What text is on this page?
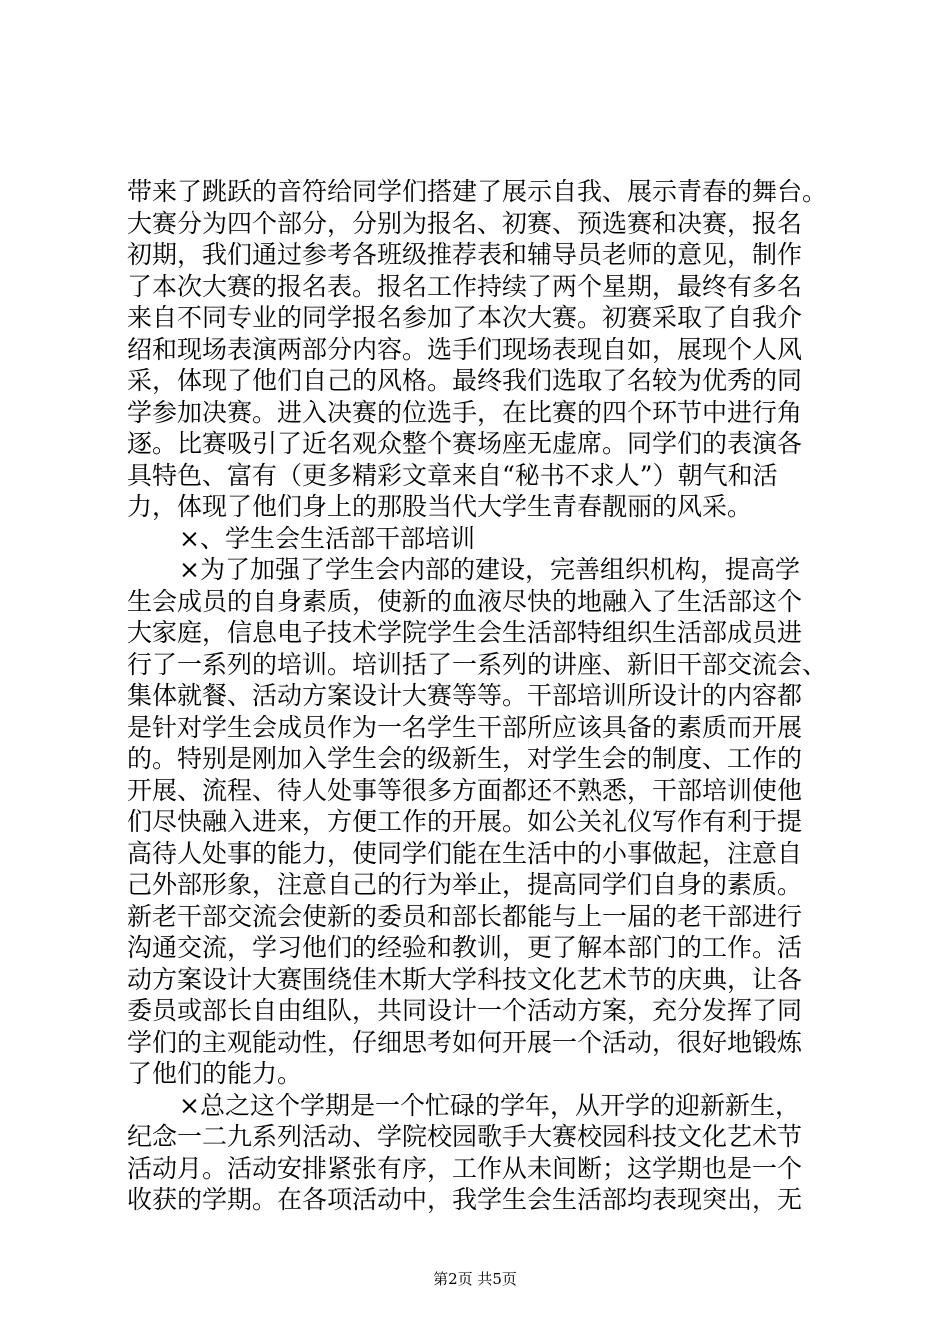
带来了跳跃的音符给同学们搭建了展示自我、展示青春的舞台。
大赛分为四个部分，分别为报名、初赛、预选赛和决赛，报名
初期，我们通过参考各班级推荐表和辅导员老师的意见，制作
了本次大赛的报名表。报名工作持续了两个星期，最终有多名
来自不同专业的同学报名参加了本次大赛。初赛采取了自我介
绍和现场表演两部分内容。选手们现场表现自如，展现个人风
采，体现了他们自己的风格。最终我们选取了名较为优秀的同
学参加决赛。进入决赛的位选手，在比赛的四个环节中进行角
逐。比赛吸引了近名观众整个赛场座无虚席。同学们的表演各
具特色、富有（更多精彩文章来自“秘书不求人”）朝气和活
力，体现了他们身上的那股当代大学生青春靓丽的风采。
×、学生会生活部干部培训
×为了加强了学生会内部的建设，完善组织机构，提高学
生会成员的自身素质，使新的血液尽快的地融入了生活部这个
大家庭，信息电子技术学院学生会生活部特组织生活部成员进
行了一系列的培训。培训括了一系列的讲座、新旧干部交流会、
集体就餐、活动方案设计大赛等等。干部培训所设计的内容都
是针对学生会成员作为一名学生干部所应该具备的素质而开展
的。特别是刚加入学生会的级新生，对学生会的制度、工作的
开展、流程、待人处事等很多方面都还不熟悉，干部培训使他
们尽快融入进来，方便工作的开展。如公关礼仪写作有利于提
高待人处事的能力，使同学们能在生活中的小事做起，注意自
己外部形象，注意自己的行为举止，提高同学们自身的素质。
新老干部交流会使新的委员和部长都能与上一届的老干部进行
沟通交流，学习他们的经验和教训，更了解本部门的工作。活
动方案设计大赛围绕佳木斯大学科技文化艺术节的庆典，让各
委员或部长自由组队，共同设计一个活动方案，充分发挥了同
学们的主观能动性，仔细思考如何开展一个活动，很好地锻炼
了他们的能力。
×总之这个学期是一个忙碌的学年，从开学的迎新新生，
纪念一二九系列活动、学院校园歌手大赛校园科技文化艺术节
活动月。活动安排紧张有序，工作从未间断；这学期也是一个
收获的学期。在各项活动中，我学生会生活部均表现突出，无
第2页 共5页
